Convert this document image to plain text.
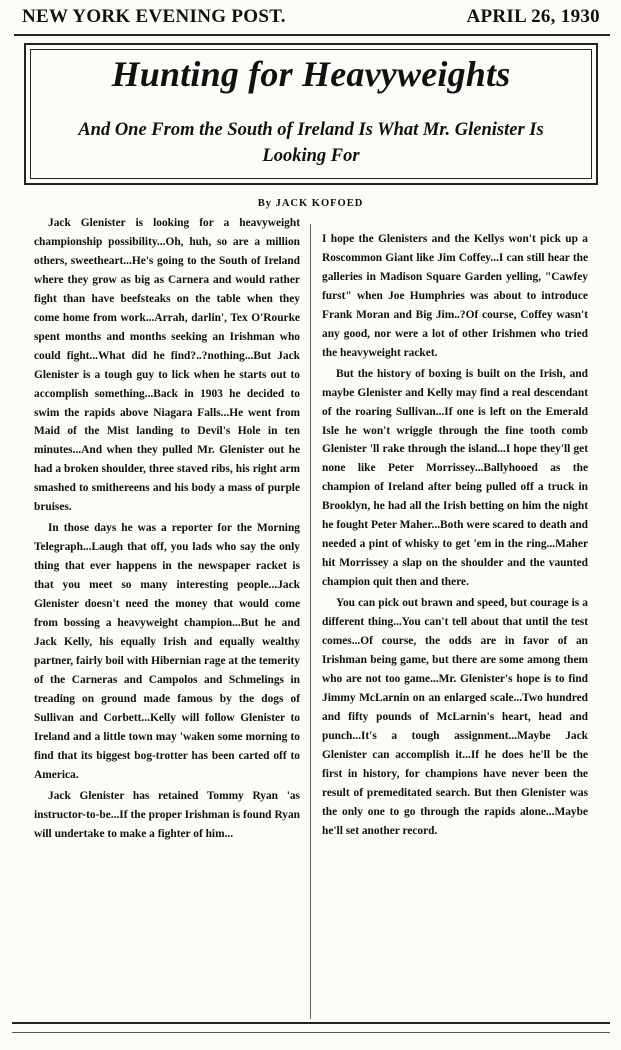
NEW YORK EVENING POST.	APRIL 26, 1930
Hunting for Heavyweights
And One From the South of Ireland Is What Mr. Glenister Is Looking For
By JACK KOFOED

Jack Glenister is looking for a heavyweight championship possibility...Oh, huh, so are a million others, sweetheart...He's going to the South of Ireland where they grow as big as Carnera and would rather fight than have beefsteaks on the table when they come home from work...Arrah, darlin', Tex O'Rourke spent months and months seeking an Irishman who could fight...What did he find?..?nothing...But Jack Glenister is a tough guy to lick when he starts out to accomplish something...Back in 1903 he decided to swim the rapids above Niagara Falls...He went from Maid of the Mist landing to Devil's Hole in ten minutes...And when they pulled Mr. Glenister out he had a broken shoulder, three staved ribs, his right arm smashed to smithereens and his body a mass of purple bruises.

In those days he was a reporter for the Morning Telegraph...Laugh that off, you lads who say the only thing that ever happens in the newspaper racket is that you meet so many interesting people...Jack Glenister doesn't need the money that would come from bossing a heavyweight champion...But he and Jack Kelly, his equally Irish and equally wealthy partner, fairly boil with Hibernian rage at the temerity of the Carneras and Campolos and Schmelings in treading on ground made famous by the dogs of Sullivan and Corbett...Kelly will follow Glenister to Ireland and a little town may 'waken some morning to find that its biggest bog-trotter has been carted off to America.

Jack Glenister has retained Tommy Ryan 'as instructor-to-be...If the proper Irishman is found Ryan will undertake to make a fighter of him...

I hope the Glenisters and the Kellys won't pick up a Roscommon Giant like Jim Coffey...I can still hear the galleries in Madison Square Garden yelling, "Cawfey furst" when Joe Humphries was about to introduce Frank Moran and Big Jim..?Of course, Coffey wasn't any good, nor were a lot of other Irishmen who tried the heavyweight racket.

But the history of boxing is built on the Irish, and maybe Glenister and Kelly may find a real descendant of the roaring Sullivan...If one is left on the Emerald Isle he won't wriggle through the fine tooth comb Glenister 'll rake through the island...I hope they'll get none like Peter Morrissey...Ballyhooed as the champion of Ireland after being pulled off a truck in Brooklyn, he had all the Irish betting on him the night he fought Peter Maher...Both were scared to death and needed a pint of whisky to get 'em in the ring...Maher hit Morrissey a slap on the shoulder and the vaunted champion quit then and there.

You can pick out brawn and speed, but courage is a different thing...You can't tell about that until the test comes...Of course, the odds are in favor of an Irishman being game, but there are some among them who are not too game...Mr. Glenister's hope is to find Jimmy McLarnin on an enlarged scale...Two hundred and fifty pounds of McLarnin's heart, head and punch...It's a tough assignment...Maybe Jack Glenister can accomplish it...If he does he'll be the first in history, for champions have never been the result of premeditated search. But then Glenister was the only one to go through the rapids alone...Maybe he'll set another record.
